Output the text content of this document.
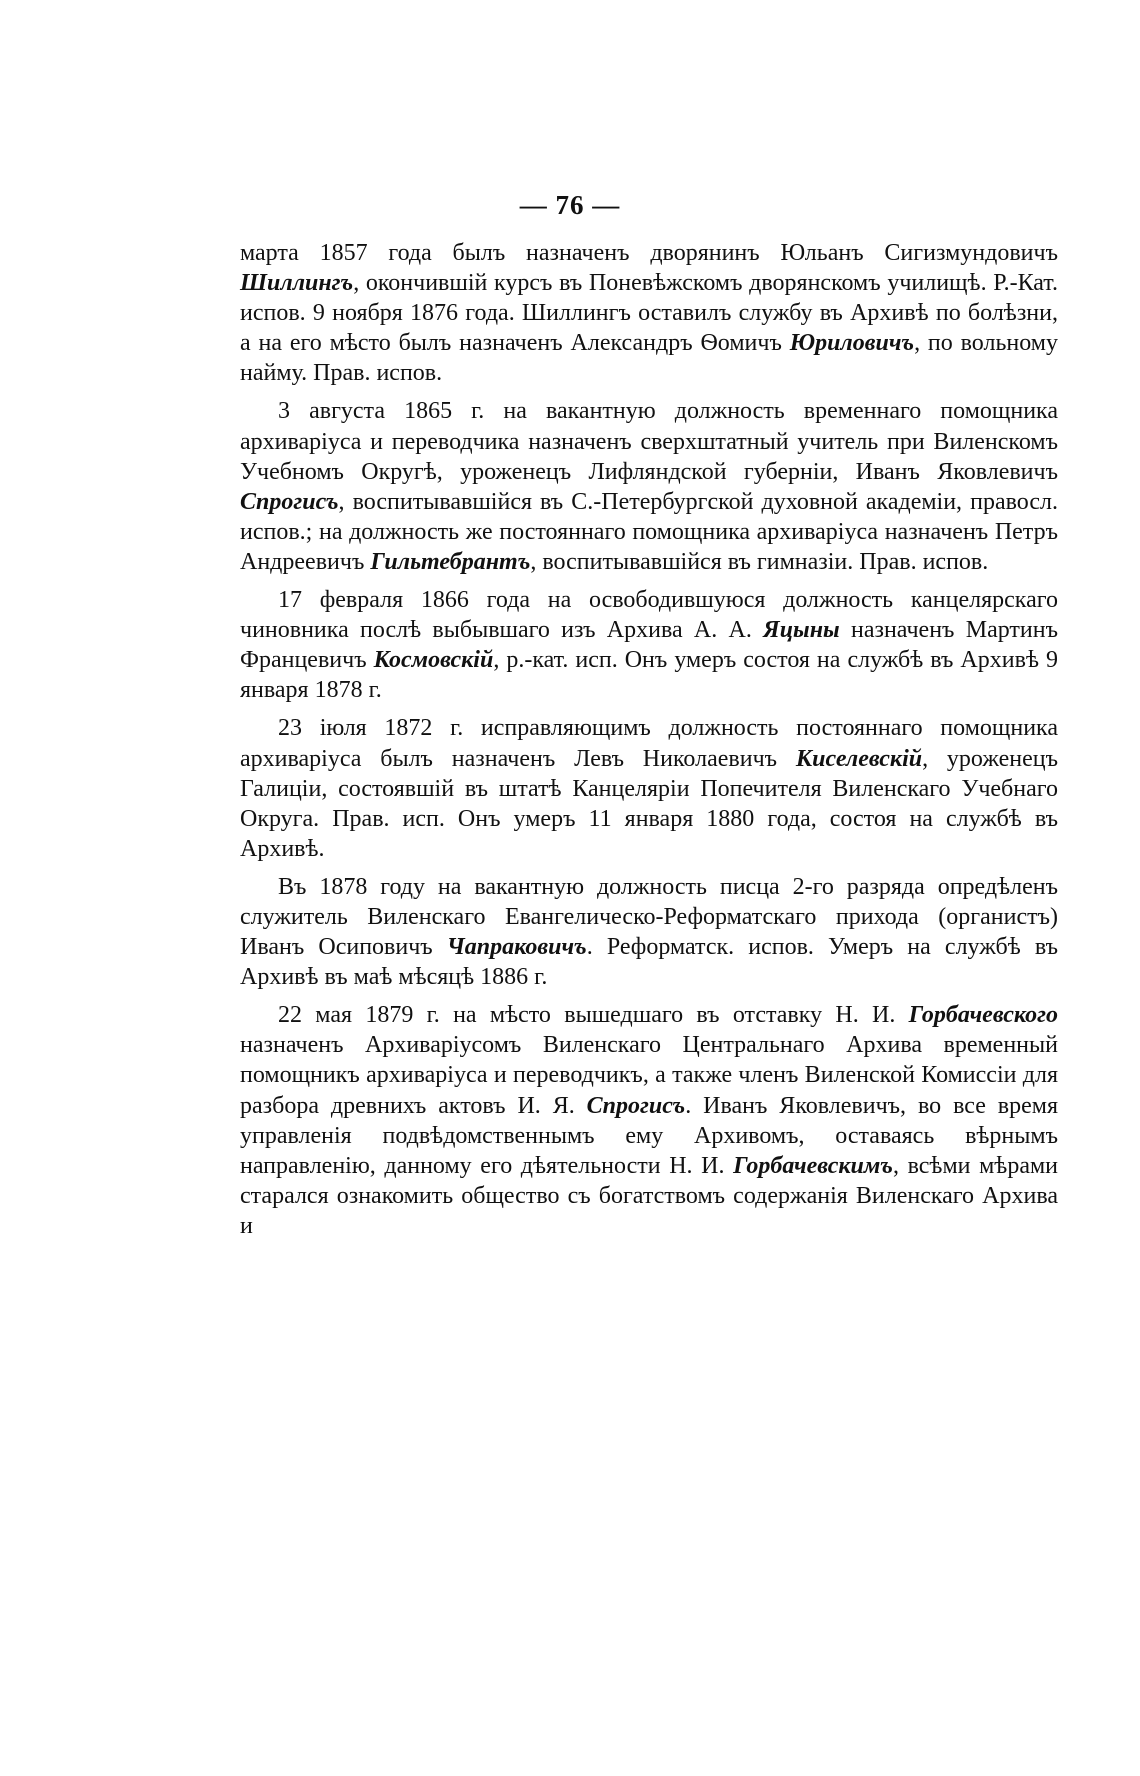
— 76 —

марта 1857 года былъ назначенъ дворянинъ Юльанъ Сигизмундовичъ Шиллингъ, окончившій курсъ въ Поневѣжскомъ дворянскомъ училищѣ. Р.-Кат. испов. 9 ноября 1876 года. Шиллингъ оставилъ службу въ Архивѣ по болѣзни, а на его мѣсто былъ назначенъ Александръ Ѳомичъ Юриловичъ, по вольному найму. Прав. испов.

3 августа 1865 г. на вакантную должность временнаго помощника архиваріуса и переводчика назначенъ сверхштатный учитель при Виленскомъ Учебномъ Округѣ, уроженецъ Лифляндской губерніи, Иванъ Яковлевичъ Спрогисъ, воспитывавшійся въ С.-Петербургской духовной академіи, правосл. испов.; на должность же постояннаго помощника архиваріуса назначенъ Петръ Андреевичъ Гильтебрантъ, воспитывавшійся въ гимназіи. Прав. испов.

17 февраля 1866 года на освободившуюся должность канцелярскаго чиновника послѣ выбывшаго изъ Архива А. А. Яцыны назначенъ Мартинъ Францевичъ Космовскій, р.-кат. исп. Онъ умеръ состоя на службѣ въ Архивѣ 9 января 1878 г.

23 іюля 1872 г. исправляющимъ должность постояннаго помощника архиваріуса былъ назначенъ Левъ Николаевичъ Киселевскій, уроженецъ Галиціи, состоявшій въ штатѣ Канцеляріи Попечителя Виленскаго Учебнаго Округа. Прав. исп. Онъ умеръ 11 января 1880 года, состоя на службѣ въ Архивѣ.

Въ 1878 году на вакантную должность писца 2-го разряда опредѣленъ служитель Виленскаго Евангелическо-Реформатскаго прихода (органистъ) Иванъ Осиповичъ Чапраковичъ. Реформатск. испов. Умеръ на службѣ въ Архивѣ въ маѣ мѣсяцѣ 1886 г.

22 мая 1879 г. на мѣсто вышедшаго въ отставку Н. И. Горбачевского назначенъ Архиваріусомъ Виленскаго Центральнаго Архива временный помощникъ архиваріуса и переводчикъ, а также членъ Виленской Комиссіи для разбора древнихъ актовъ И. Я. Спрогисъ. Иванъ Яковлевичъ, во все время управленія подвѣдомственнымъ ему Архивомъ, оставаясь вѣрнымъ направленію, данному его дѣятельности Н. И. Горбачевскимъ, всѣми мѣрами старался ознакомить общество съ богатствомъ содержанія Виленскаго Архива и
